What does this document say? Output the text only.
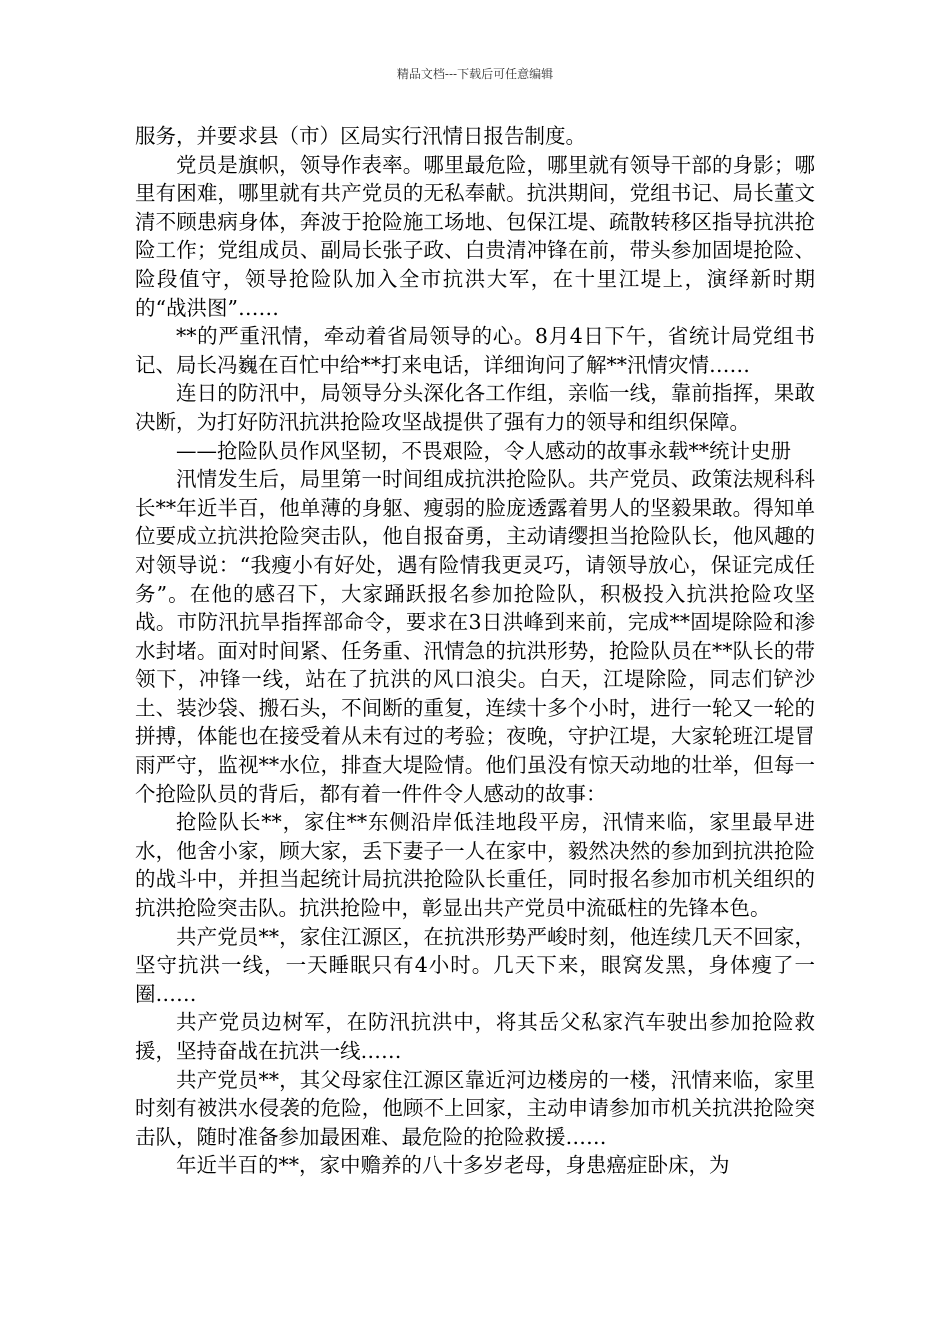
精品文档---下载后可任意编辑

服务，并要求县（市）区局实行汛情日报告制度。

党员是旗帜，领导作表率。哪里最危险，哪里就有领导干部的身影；哪里有困难，哪里就有共产党员的无私奉献。抗洪期间，党组书记、局长董文清不顾患病身体，奔波于抢险施工场地、包保江堤、疏散转移区指导抗洪抢险工作；党组成员、副局长张子政、白贵清冲锋在前，带头参加固堤抢险、险段值守，领导抢险队加入全市抗洪大军，在十里江堤上，演绎新时期的“战洪图”……

**的严重汛情，牵动着省局领导的心。8月4日下午，省统计局党组书记、局长冯巍在百忙中给**打来电话，详细询问了解**汛情灾情……

连日的防汛中，局领导分头深化各工作组，亲临一线，靠前指挥，果敢决断，为打好防汛抗洪抢险攻坚战提供了强有力的领导和组织保障。

——抢险队员作风坚韧，不畏艰险，令人感动的故事永载**统计史册

汛情发生后，局里第一时间组成抗洪抢险队。共产党员、政策法规科科长**年近半百，他单薄的身躯、瘦弱的脸庞透露着男人的坚毅果敢。得知单位要成立抗洪抢险突击队，他自报奋勇，主动请缨担当抢险队长，他风趣的对领导说：“我瘦小有好处，遇有险情我更灵巧，请领导放心，保证完成任务”。在他的感召下，大家踊跃报名参加抢险队，积极投入抗洪抢险攻坚战。市防汛抗旱指挥部命令，要求在3日洪峰到来前，完成**固堤除险和渗水封堵。面对时间紧、任务重、汛情急的抗洪形势，抢险队员在**队长的带领下，冲锋一线，站在了抗洪的风口浪尖。白天，江堤除险，同志们铲沙土、装沙袋、搬石头，不间断的重复，连续十多个小时，进行一轮又一轮的拼搏，体能也在接受着从未有过的考验；夜晚，守护江堤，大家轮班江堤冒雨严守，监视**水位，排查大堤险情。他们虽没有惊天动地的壮举，但每一个抢险队员的背后，都有着一件件令人感动的故事：

抢险队长**，家住**东侧沿岸低洼地段平房，汛情来临，家里最早进水，他舍小家，顾大家，丢下妻子一人在家中，毅然决然的参加到抗洪抢险的战斗中，并担当起统计局抗洪抢险队长重任，同时报名参加市机关组织的抗洪抢险突击队。抗洪抢险中，彰显出共产党员中流砥柱的先锋本色。

共产党员**，家住江源区，在抗洪形势严峻时刻，他连续几天不回家，坚守抗洪一线，一天睡眠只有4小时。几天下来，眼窝发黑，身体瘦了一圈……

共产党员边树军，在防汛抗洪中，将其岳父私家汽车驶出参加抢险救援，坚持奋战在抗洪一线……

共产党员**，其父母家住江源区靠近河边楼房的一楼，汛情来临，家里时刻有被洪水侵袭的危险，他顾不上回家，主动申请参加市机关抗洪抢险突击队，随时准备参加最困难、最危险的抢险救援……

年近半百的**，家中赡养的八十多岁老母，身患癌症卧床，为
